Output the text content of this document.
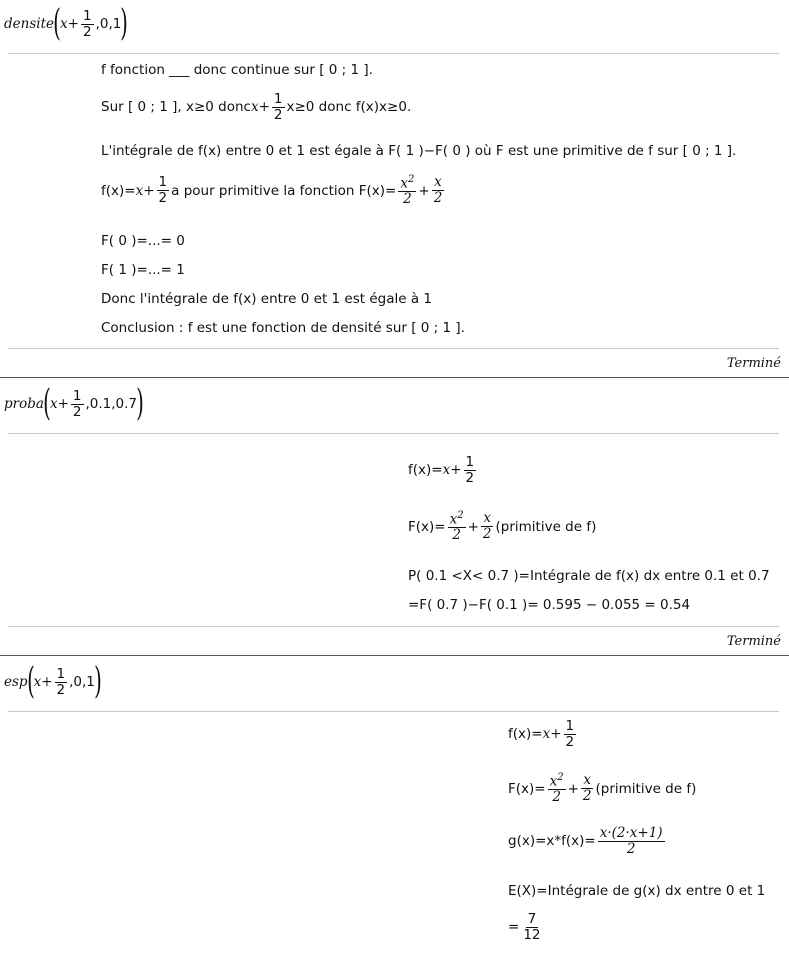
densite ( $x+ \frac{1}{2} ,0,1$ )
f fonction ___ donc continue sur [ 0 ; 1 ].
Sur [ 0 ; 1 ], x≥0 donc $x+ \frac{1}{2} x\ge 0$ donc f(x)x≥0.
L'intégrale de f(x) entre 0 et 1 est égale à F( 1 )−F( 0 ) où F est une primitive de f sur [ 0 ; 1 ].
$f(x)= x+ \frac{1}{2}$ a pour primitive la fonction $F(x)= \frac{x^2}{2} + \frac{x}{2}$
F( 0 )=...= 0
F( 1 )=...= 1
Donc l'intégrale de f(x) entre 0 et 1 est égale à 1
Conclusion : f est une fonction de densité sur [ 0 ; 1 ].
Terminé
proba ( $x+ \frac{1}{2} ,0.1,0.7$ )
$f(x)= x+ \frac{1}{2}$
$F(x)= \frac{x^2}{2} + \frac{x}{2}$ (primitive de f)
P( 0.1 <X< 0.7 )=Intégrale de f(x) dx entre 0.1 et 0.7
=F( 0.7 )−F( 0.1 )= 0.595 − 0.055 = 0.54
Terminé
esp ( $x+ \frac{1}{2} ,0,1$ )
$f(x)= x+ \frac{1}{2}$
$F(x)= \frac{x^2}{2} + \frac{x}{2}$ (primitive de f)
$g(x)=x*f(x)= \frac{x\cdot(2\cdot x+1)}{2}$
E(X)=Intégrale de g(x) dx entre 0 et 1
= $\frac{7}{12}$
